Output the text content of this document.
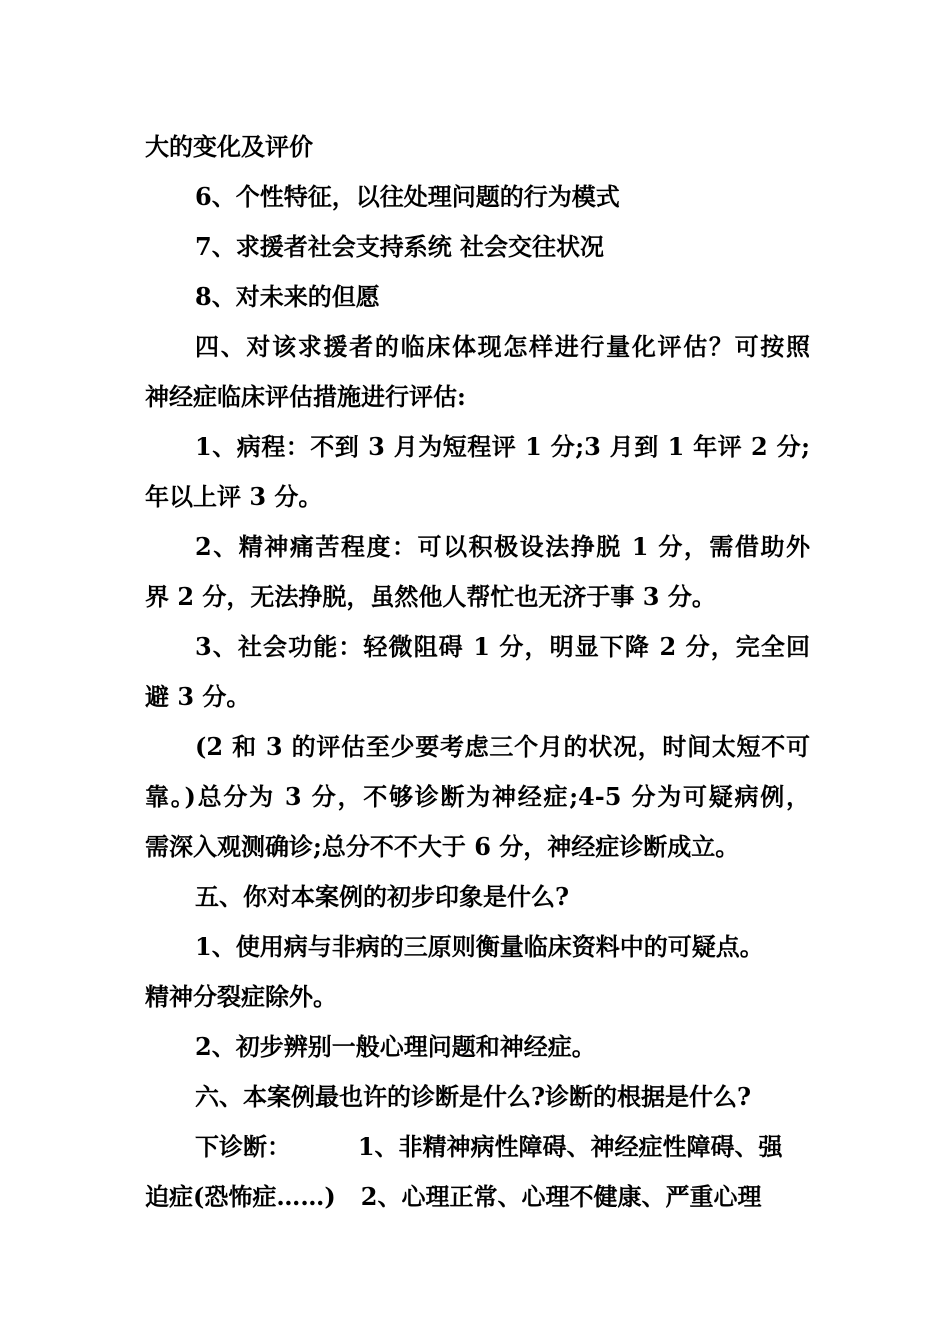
大的变化及评价
6、个性特征，以往处理问题的行为模式
7、求援者社会支持系统 社会交往状况
8、对未来的但愿
四、对该求援者的临床体现怎样进行量化评估？可按照
神经症临床评估措施进行评估:
1、病程：不到 3 月为短程评 1 分;3 月到 1 年评 2 分;
年以上评 3 分。
2、精神痛苦程度：可以积极设法挣脱 1 分，需借助外
界 2 分，无法挣脱，虽然他人帮忙也无济于事 3 分。
3、社会功能：轻微阻碍 1 分，明显下降 2 分，完全回
避 3 分。
(2 和 3 的评估至少要考虑三个月的状况，时间太短不可
靠。)总分为 3 分，不够诊断为神经症;4-5 分为可疑病例，
需深入观测确诊;总分不不大于 6 分，神经症诊断成立。
五、你对本案例的初步印象是什么?
1、使用病与非病的三原则衡量临床资料中的可疑点。
精神分裂症除外。
2、初步辨别一般心理问题和神经症。
六、本案例最也许的诊断是什么?诊断的根据是什么?
下诊断：        1、非精神病性障碍、神经症性障碍、强
迫症(恐怖症……)   2、心理正常、心理不健康、严重心理
